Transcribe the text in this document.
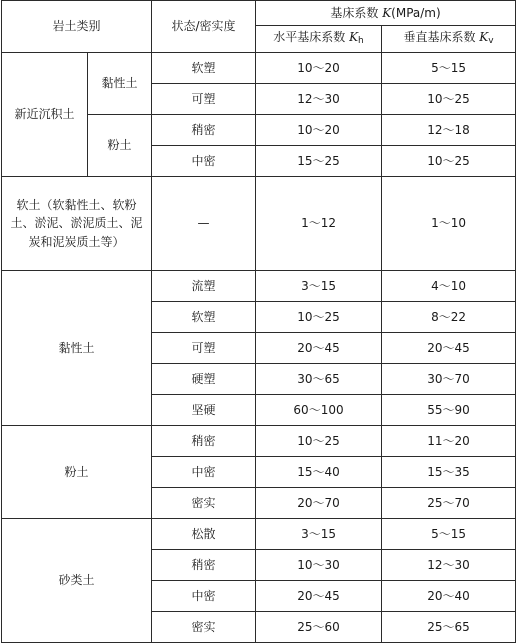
岩土类别		状态/密实度	基床系数 K(MPa/m)	
			水平基床系数 $K_h$	垂直基床系数 $K_v$
新近沉积土	黏性土	软塑	10～20	5～15
		可塑	12～30	10～25
	粉土	稍密	10～20	12～18
		中密	15～25	10～25
软土（软黏性土、软粉土、淤泥、淤泥质土、泥炭和泥炭质土等）		—	1～12	1～10
黏性土		流塑	3～15	4～10
		软塑	10～25	8～22
		可塑	20～45	20～45
		硬塑	30～65	30～70
		坚硬	60～100	55～90
粉土		稍密	10～25	11～20
		中密	15～40	15～35
		密实	20～70	25～70
砂类土		松散	3～15	5～15
		稍密	10～30	12～30
		中密	20～45	20～40
		密实	25～60	25～65
